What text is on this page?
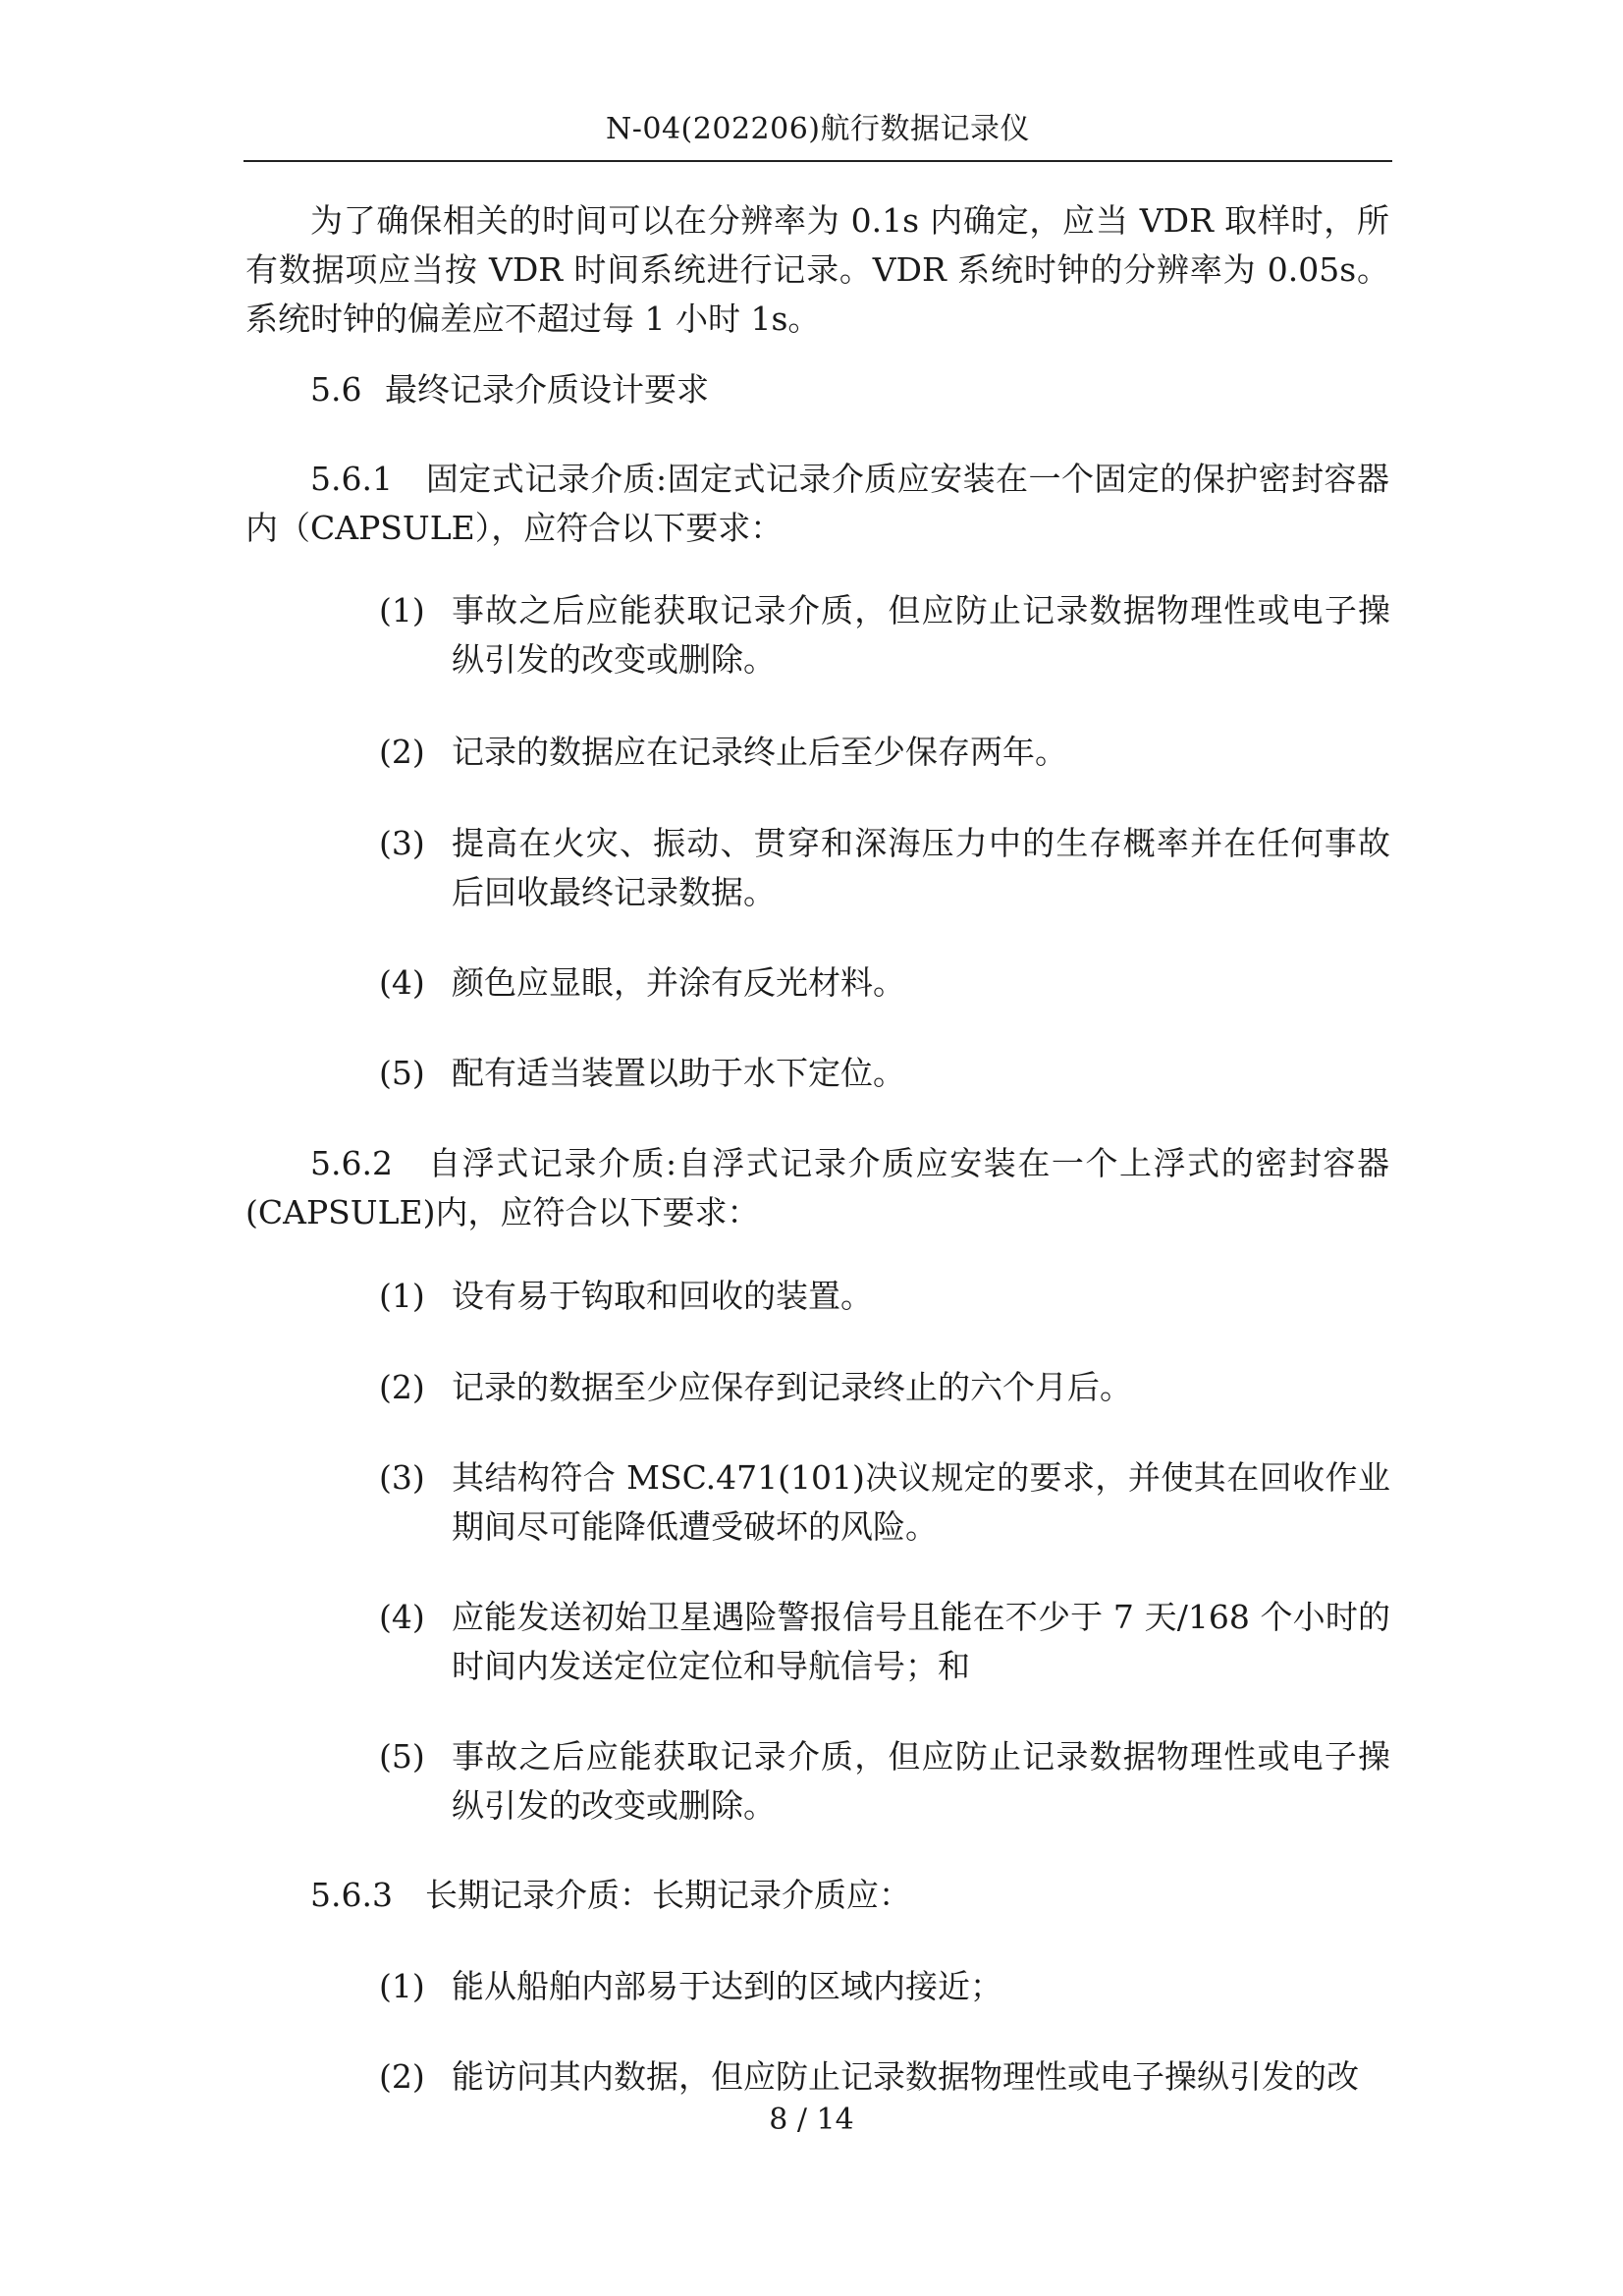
N-04(202206)航行数据记录仪

为了确保相关的时间可以在分辨率为 0.1s 内确定，应当 VDR 取样时，所有数据项应当按 VDR 时间系统进行记录。VDR 系统时钟的分辨率为 0.05s。系统时钟的偏差应不超过每 1 小时 1s。

5.6 最终记录介质设计要求

5.6.1　固定式记录介质:固定式记录介质应安装在一个固定的保护密封容器内（CAPSULE），应符合以下要求：

(1) 事故之后应能获取记录介质，但应防止记录数据物理性或电子操纵引发的改变或删除。
(2) 记录的数据应在记录终止后至少保存两年。
(3) 提高在火灾、振动、贯穿和深海压力中的生存概率并在任何事故后回收最终记录数据。
(4) 颜色应显眼，并涂有反光材料。
(5) 配有适当装置以助于水下定位。

5.6.2　自浮式记录介质:自浮式记录介质应安装在一个上浮式的密封容器(CAPSULE)内，应符合以下要求：

(1) 设有易于钩取和回收的装置。
(2) 记录的数据至少应保存到记录终止的六个月后。
(3) 其结构符合 MSC.471(101)决议规定的要求，并使其在回收作业期间尽可能降低遭受破坏的风险。
(4) 应能发送初始卫星遇险警报信号且能在不少于 7 天/168 个小时的时间内发送定位定位和导航信号；和
(5) 事故之后应能获取记录介质，但应防止记录数据物理性或电子操纵引发的改变或删除。

5.6.3　长期记录介质：长期记录介质应：

(1) 能从船舶内部易于达到的区域内接近；
(2) 能访问其内数据，但应防止记录数据物理性或电子操纵引发的改
8 / 14
